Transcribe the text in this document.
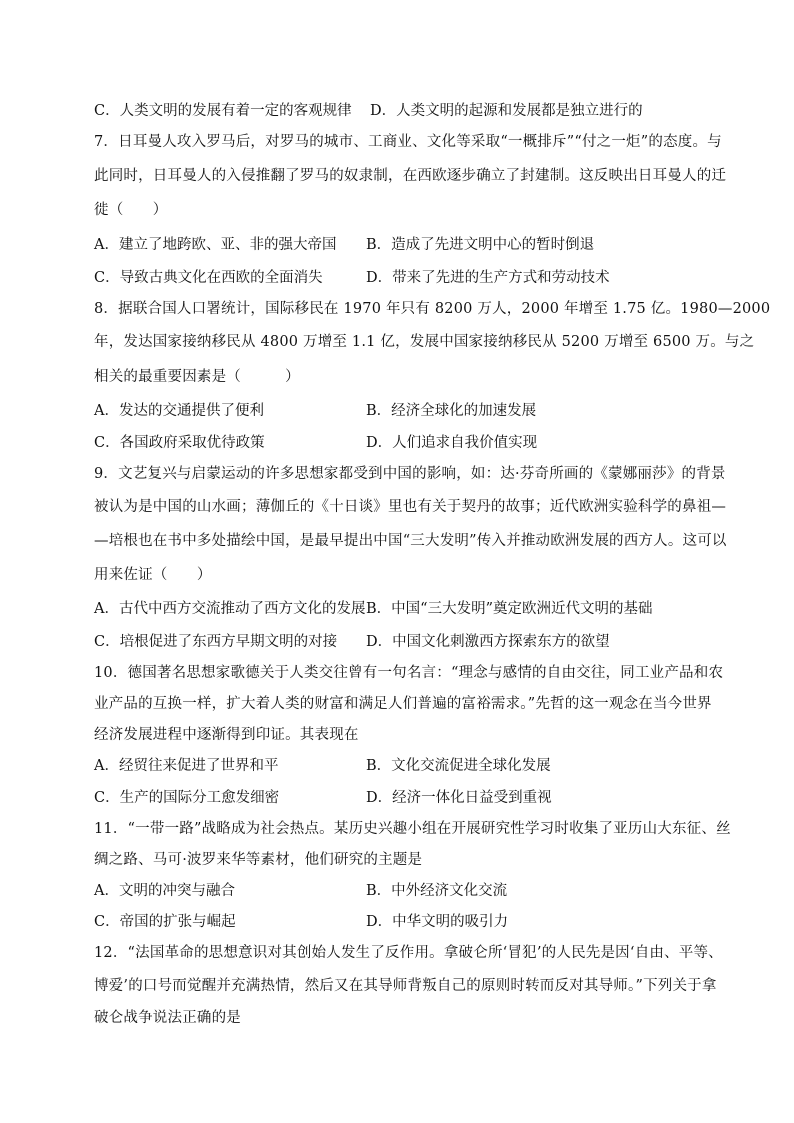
C．人类文明的发展有着一定的客观规律 D．人类文明的起源和发展都是独立进行的
7．日耳曼人攻入罗马后，对罗马的城市、工商业、文化等采取“一概排斥”“付之一炬”的态度。与
此同时，日耳曼人的入侵推翻了罗马的奴隶制，在西欧逐步确立了封建制。这反映出日耳曼人的迁
徙（　　）
A．建立了地跨欧、亚、非的强大帝国 B．造成了先进文明中心的暂时倒退
C．导致古典文化在西欧的全面消失	D．带来了先进的生产方式和劳动技术
8．据联合国人口署统计，国际移民在 1970 年只有 8200 万人，2000 年增至 1.75 亿。1980—2000
年，发达国家接纳移民从 4800 万增至 1.1 亿，发展中国家接纳移民从 5200 万增至 6500 万。与之
相关的最重要因素是（　　　）
A．发达的交通提供了便利	B．经济全球化的加速发展
C．各国政府采取优待政策	D．人们追求自我价值实现
9．文艺复兴与启蒙运动的许多思想家都受到中国的影响，如：达·芬奇所画的《蒙娜丽莎》的背景
被认为是中国的山水画；薄伽丘的《十日谈》里也有关于契丹的故事；近代欧洲实验科学的鼻祖—
—培根也在书中多处描绘中国，是最早提出中国“三大发明”传入并推动欧洲发展的西方人。这可以
用来佐证（　　）
A．古代中西方交流推动了西方文化的发展B．中国“三大发明”奠定欧洲近代文明的基础
C．培根促进了东西方早期文明的对接 D．中国文化刺激西方探索东方的欲望
10．德国著名思想家歌德关于人类交往曾有一句名言：“理念与感情的自由交往，同工业产品和农
业产品的互换一样，扩大着人类的财富和满足人们普遍的富裕需求。”先哲的这一观念在当今世界
经济发展进程中逐渐得到印证。其表现在
A．经贸往来促进了世界和平	B．文化交流促进全球化发展
C．生产的国际分工愈发细密	D．经济一体化日益受到重视
11．“一带一路”战略成为社会热点。某历史兴趣小组在开展研究性学习时收集了亚历山大东征、丝
绸之路、马可·波罗来华等素材，他们研究的主题是
A．文明的冲突与融合	B．中外经济文化交流
C．帝国的扩张与崛起	D．中华文明的吸引力
12．“法国革命的思想意识对其创始人发生了反作用。拿破仑所‘冒犯’的人民先是因‘自由、平等、
博爱’的口号而觉醒并充满热情，然后又在其导师背叛自己的原则时转而反对其导师。”下列关于拿
破仑战争说法正确的是
